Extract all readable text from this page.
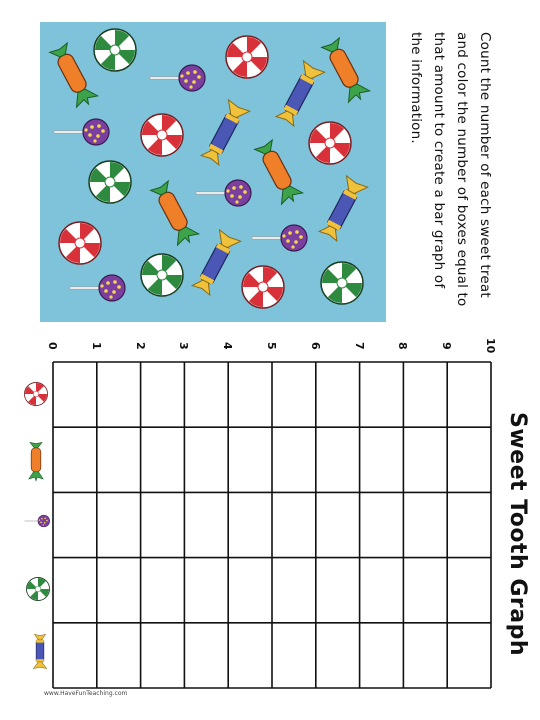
Count the number of each sweet treat and color the number of boxes equal to that amount to create a bar graph of the information.
Sweet Tooth Graph
0	1	2	3	4	5	6	7	8	9	10
www.HaveFunTeaching.com
